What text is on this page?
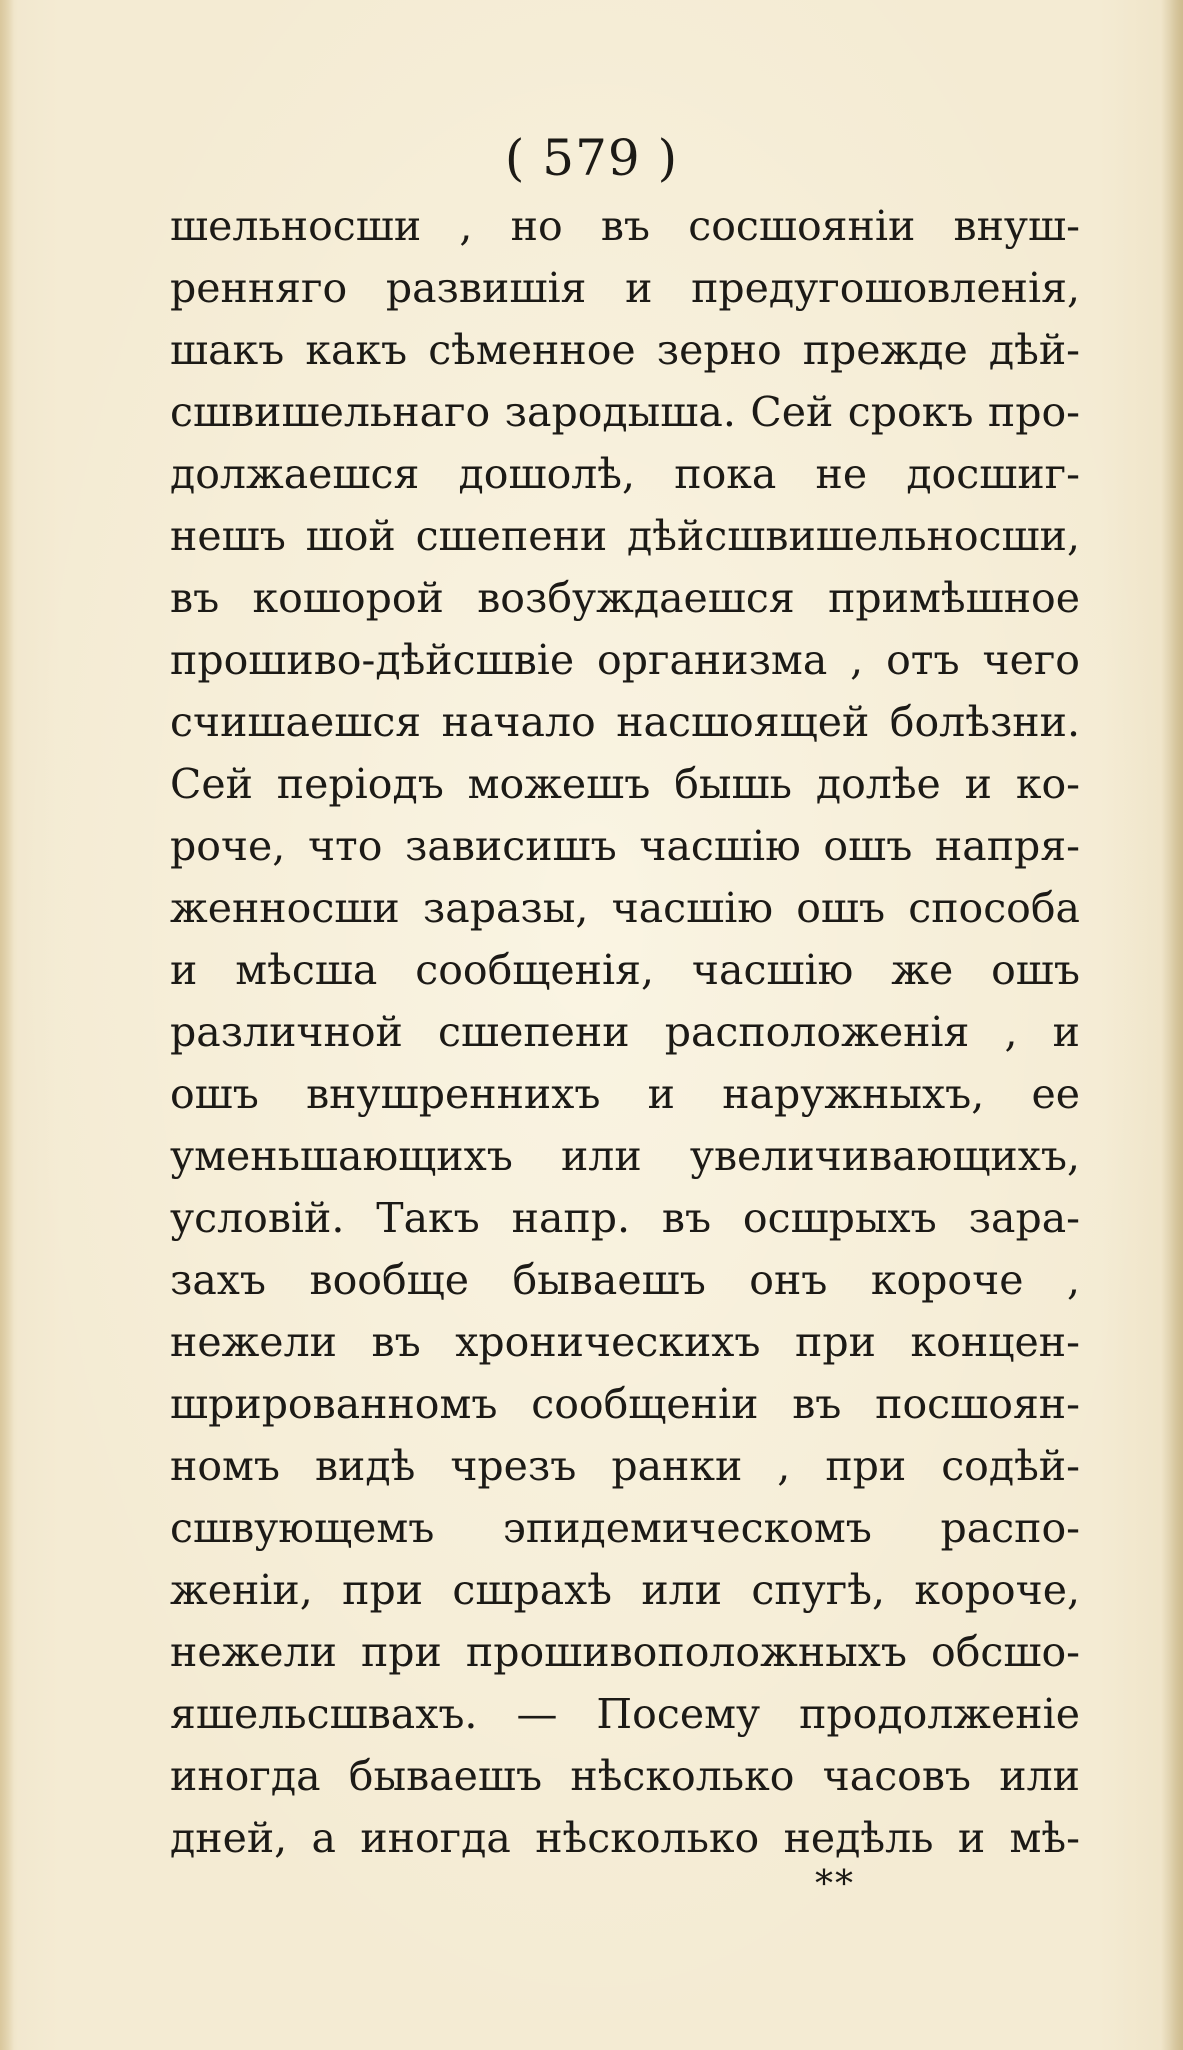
( 579 )
шельносши , но въ сосшояніи внуш-
ренняго развишія и предугошовленія,
шакъ какъ сѣменное зерно прежде дѣй-
сшвишельнаго зародыша. Сей срокъ про-
должаешся дошолѣ, пока не досшиг-
нешъ шой сшепени дѣйсшвишельносши,
въ кошорой возбуждаешся примѣшное
прошиво-дѣйсшвіе организма , отъ чего
счишаешся начало насшоящей болѣзни.
Сей періодъ можешъ бышь долѣе и ко-
роче, что зависишъ часшію ошъ напря-
женносши заразы, часшію ошъ способа
и мѣсша сообщенія, часшію же ошъ
различной сшепени расположенія , и
ошъ внушреннихъ и наружныхъ, ее
уменьшающихъ или увеличивающихъ,
условій. Такъ напр. въ осшрыхъ зара-
захъ вообще бываешъ онъ короче ,
нежели въ хроническихъ при концен-
шрированномъ сообщеніи въ посшоян-
номъ видѣ чрезъ ранки , при содѣй-
сшвующемъ эпидемическомъ распо-
женіи, при сшрахѣ или спугѣ, короче,
нежели при прошивоположныхъ обсшо-
яшельсшвахъ. — Посему продолженіе
иногда бываешъ нѣсколько часовъ или
дней, а иногда нѣсколько недѣль и мѣ-
**
